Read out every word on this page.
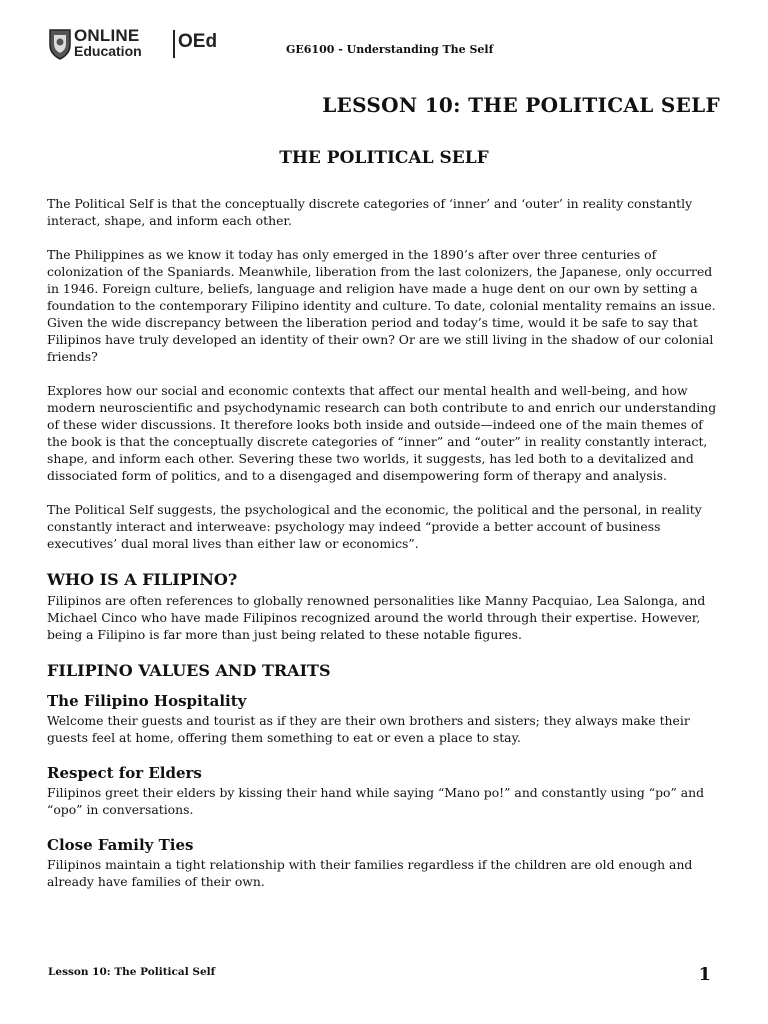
ONLINE
Education OEd	GE6100 - Understanding The Self
LESSON 10: THE POLITICAL SELF
THE POLITICAL SELF

The Political Self is that the conceptually discrete categories of ‘inner’ and ‘outer’ in reality constantly interact, shape, and inform each other.

The Philippines as we know it today has only emerged in the 1890’s after over three centuries of colonization of the Spaniards. Meanwhile, liberation from the last colonizers, the Japanese, only occurred in 1946. Foreign culture, beliefs, language and religion have made a huge dent on our own by setting a foundation to the contemporary Filipino identity and culture. To date, colonial mentality remains an issue. Given the wide discrepancy between the liberation period and today’s time, would it be safe to say that Filipinos have truly developed an identity of their own? Or are we still living in the shadow of our colonial friends?

Explores how our social and economic contexts that affect our mental health and well-being, and how modern neuroscientific and psychodynamic research can both contribute to and enrich our understanding of these wider discussions. It therefore looks both inside and outside—indeed one of the main themes of the book is that the conceptually discrete categories of “inner” and “outer” in reality constantly interact, shape, and inform each other. Severing these two worlds, it suggests, has led both to a devitalized and dissociated form of politics, and to a disengaged and disempowering form of therapy and analysis.

The Political Self suggests, the psychological and the economic, the political and the personal, in reality constantly interact and interweave: psychology may indeed “provide a better account of business executives’ dual moral lives than either law or economics”.

WHO IS A FILIPINO?

Filipinos are often references to globally renowned personalities like Manny Pacquiao, Lea Salonga, and Michael Cinco who have made Filipinos recognized around the world through their expertise. However, being a Filipino is far more than just being related to these notable figures.

FILIPINO VALUES AND TRAITS
The Filipino Hospitality

Welcome their guests and tourist as if they are their own brothers and sisters; they always make their guests feel at home, offering them something to eat or even a place to stay.

Respect for Elders

Filipinos greet their elders by kissing their hand while saying “Mano po!” and constantly using “po” and “opo” in conversations.

Close Family Ties

Filipinos maintain a tight relationship with their families regardless if the children are old enough and already have families of their own.

Lesson 10: The Political Self	1
